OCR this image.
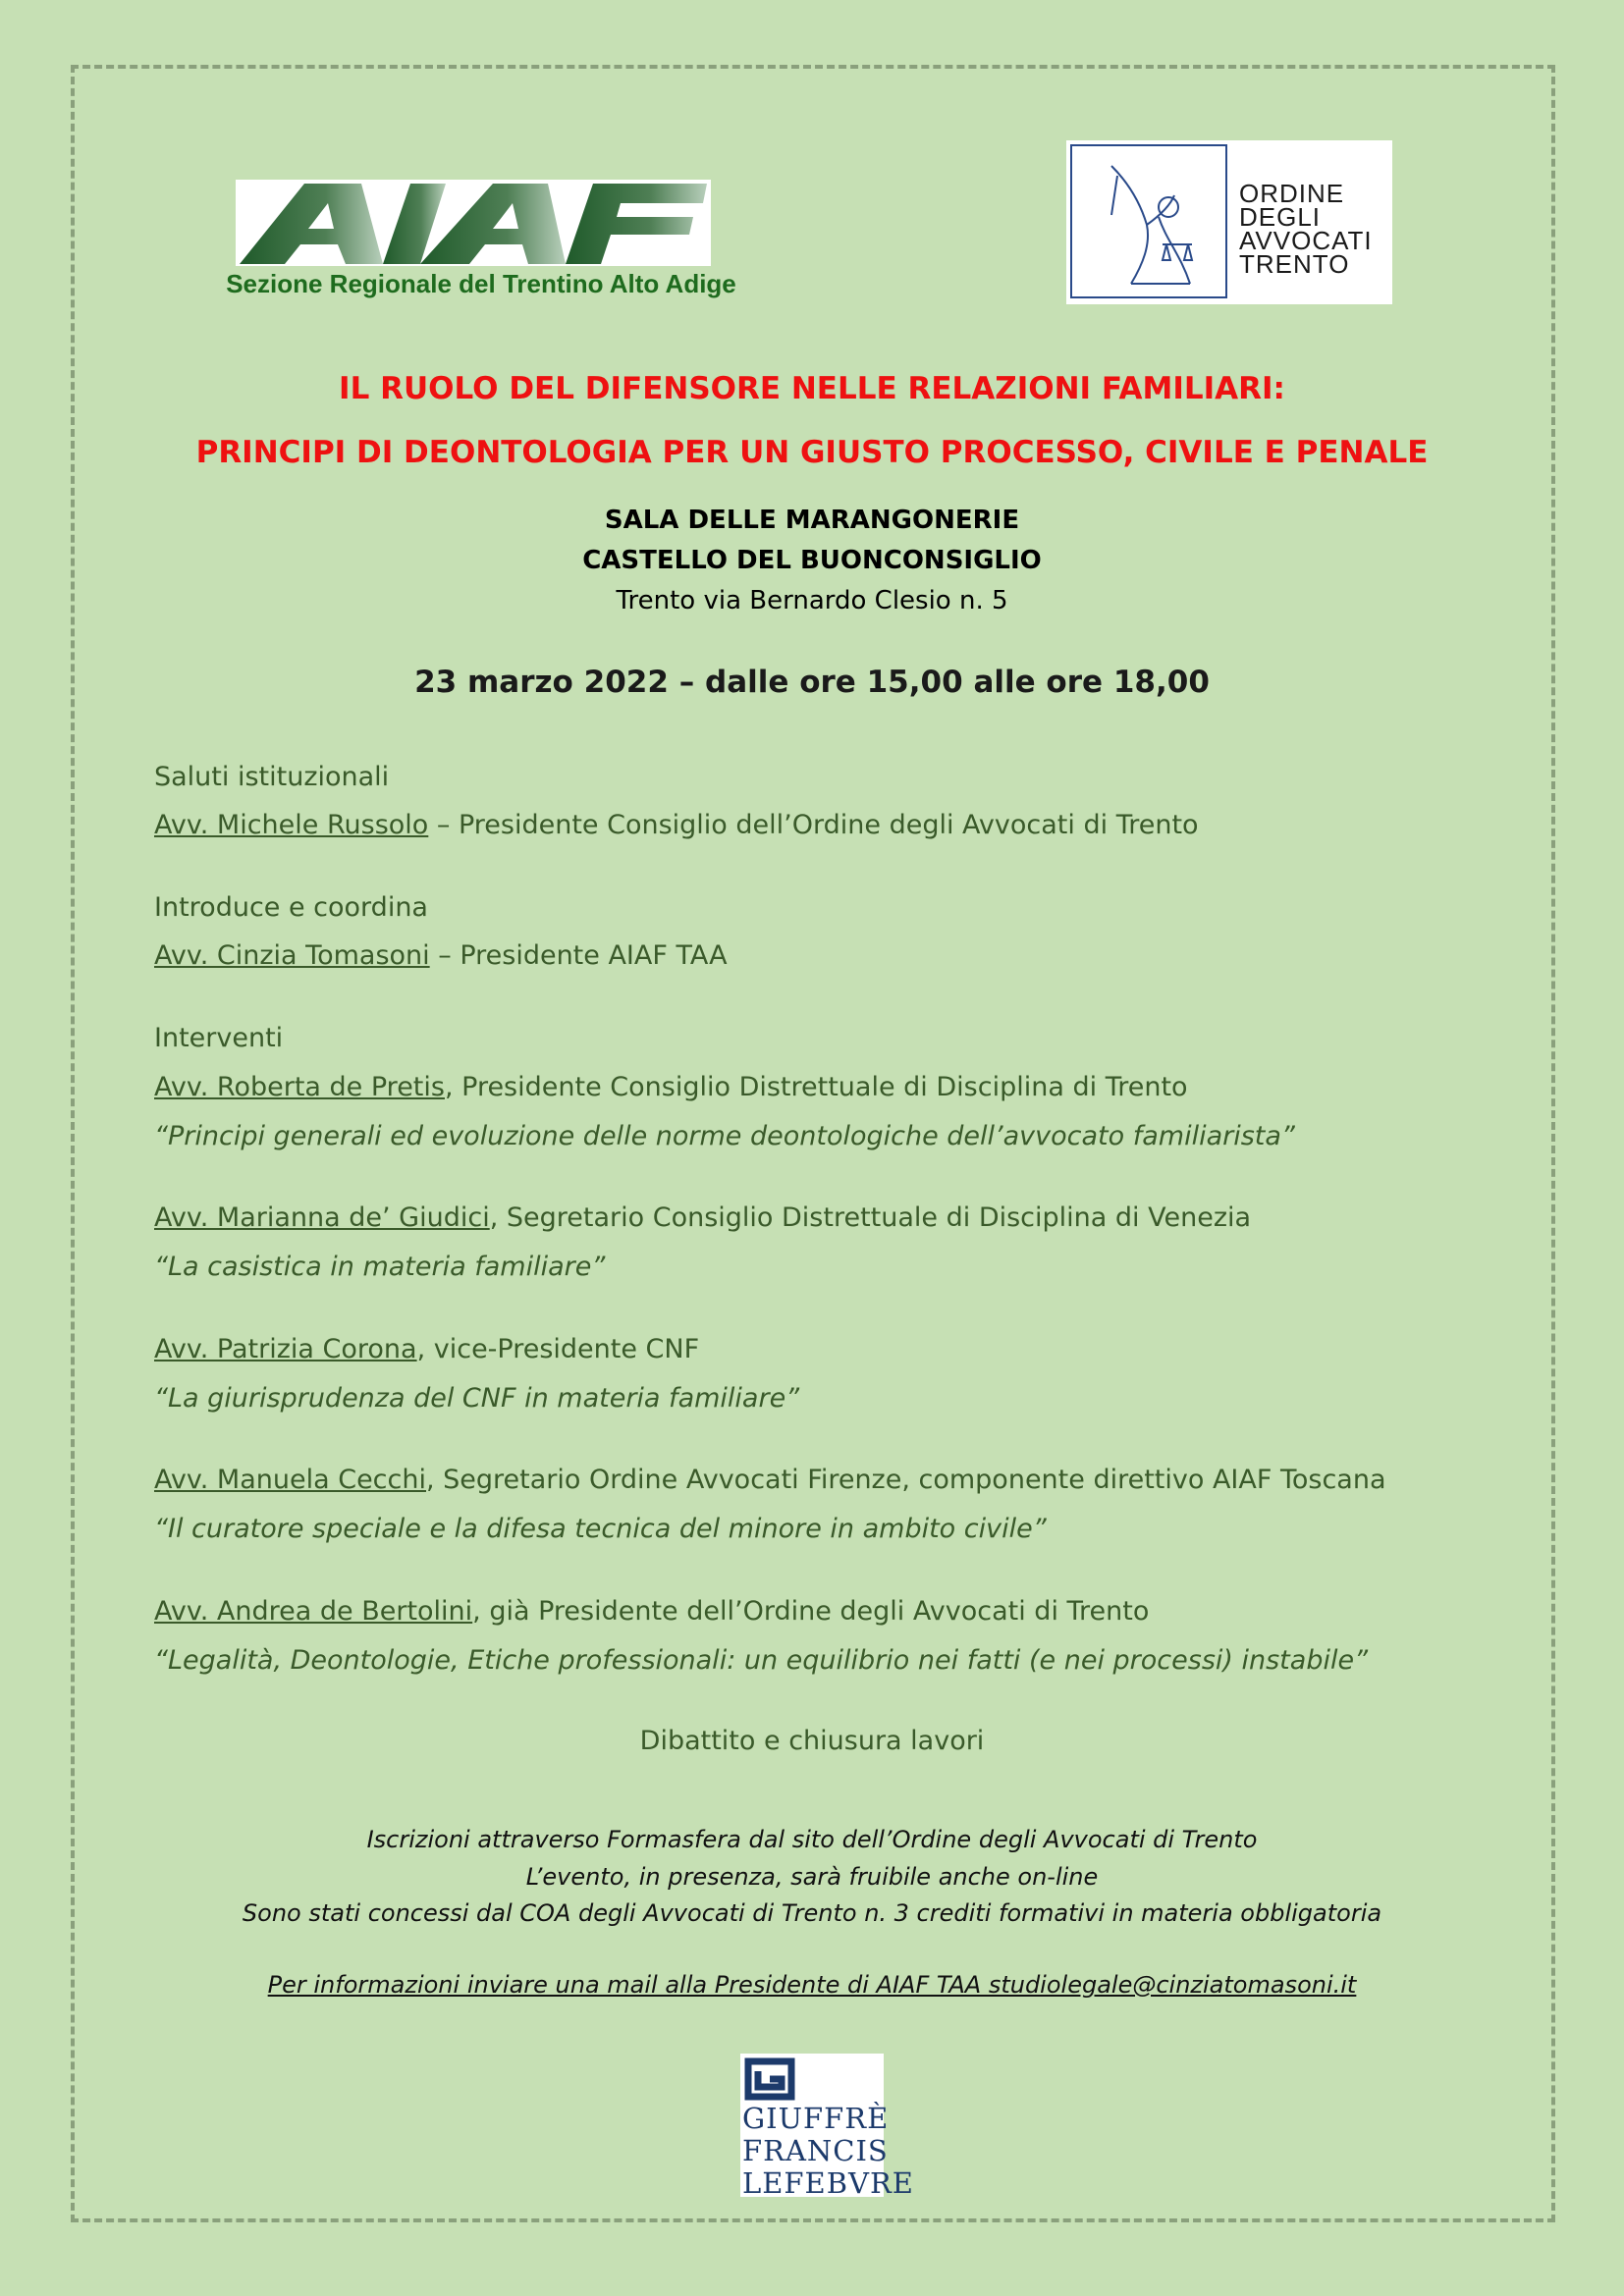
Sezione Regionale del Trentino Alto Adige
ORDINE
DEGLI
AVVOCATI
TRENTO
IL RUOLO DEL DIFENSORE NELLE RELAZIONI FAMILIARI:
PRINCIPI DI DEONTOLOGIA PER UN GIUSTO PROCESSO, CIVILE E PENALE
SALA DELLE MARANGONERIE
CASTELLO DEL BUONCONSIGLIO
Trento via Bernardo Clesio n. 5
23 marzo 2022 – dalle ore 15,00 alle ore 18,00
Saluti istituzionali
Avv. Michele Russolo – Presidente Consiglio dell’Ordine degli Avvocati di Trento
Introduce e coordina
Avv. Cinzia Tomasoni – Presidente AIAF TAA
Interventi
Avv. Roberta de Pretis, Presidente Consiglio Distrettuale di Disciplina di Trento
“Principi generali ed evoluzione delle norme deontologiche dell’avvocato familiarista”
Avv. Marianna de’ Giudici, Segretario Consiglio Distrettuale di Disciplina di Venezia
“La casistica in materia familiare”
Avv. Patrizia Corona, vice-Presidente CNF
“La giurisprudenza del CNF in materia familiare”
Avv. Manuela Cecchi, Segretario Ordine Avvocati Firenze, componente direttivo AIAF Toscana
“Il curatore speciale e la difesa tecnica del minore in ambito civile”
Avv. Andrea de Bertolini, già Presidente dell’Ordine degli Avvocati di Trento
“Legalità, Deontologie, Etiche professionali: un equilibrio nei fatti (e nei processi) instabile”
Dibattito e chiusura lavori
Iscrizioni attraverso Formasfera dal sito dell’Ordine degli Avvocati di Trento
L’evento, in presenza, sarà fruibile anche on-line
Sono stati concessi dal COA degli Avvocati di Trento n. 3 crediti formativi in materia obbligatoria
Per informazioni inviare una mail alla Presidente di AIAF TAA studiolegale@cinziatomasoni.it
GIUFFRÈ
FRANCIS
LEFEBVRE
